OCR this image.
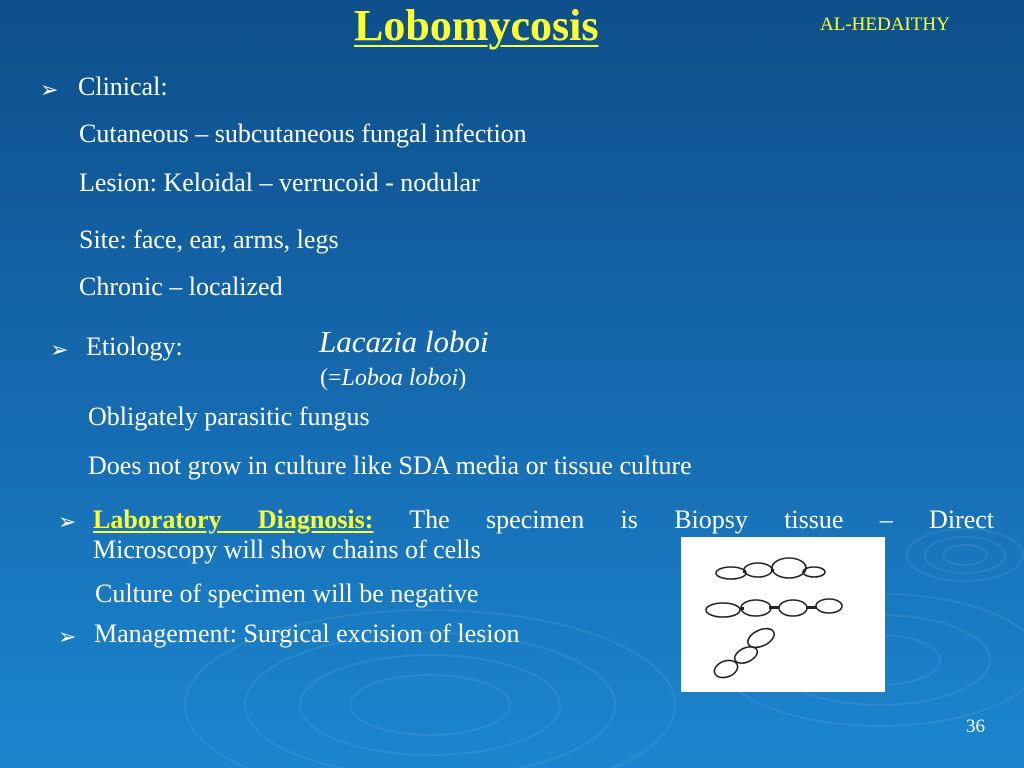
Lobomycosis	AL-HEDAITHY
➢ Clinical:
Cutaneous – subcutaneous fungal infection
Lesion: Keloidal – verrucoid - nodular
Site: face, ear, arms, legs
Chronic – localized
➢ Etiology:	Lacazia loboi
(=Loboa loboi)
Obligately parasitic fungus
Does not grow in culture like SDA media or tissue culture
➢ Laboratory Diagnosis: The specimen is Biopsy tissue – Direct
Microscopy will show chains of cells
Culture of specimen will be negative
➢ Management: Surgical excision of lesion
36
